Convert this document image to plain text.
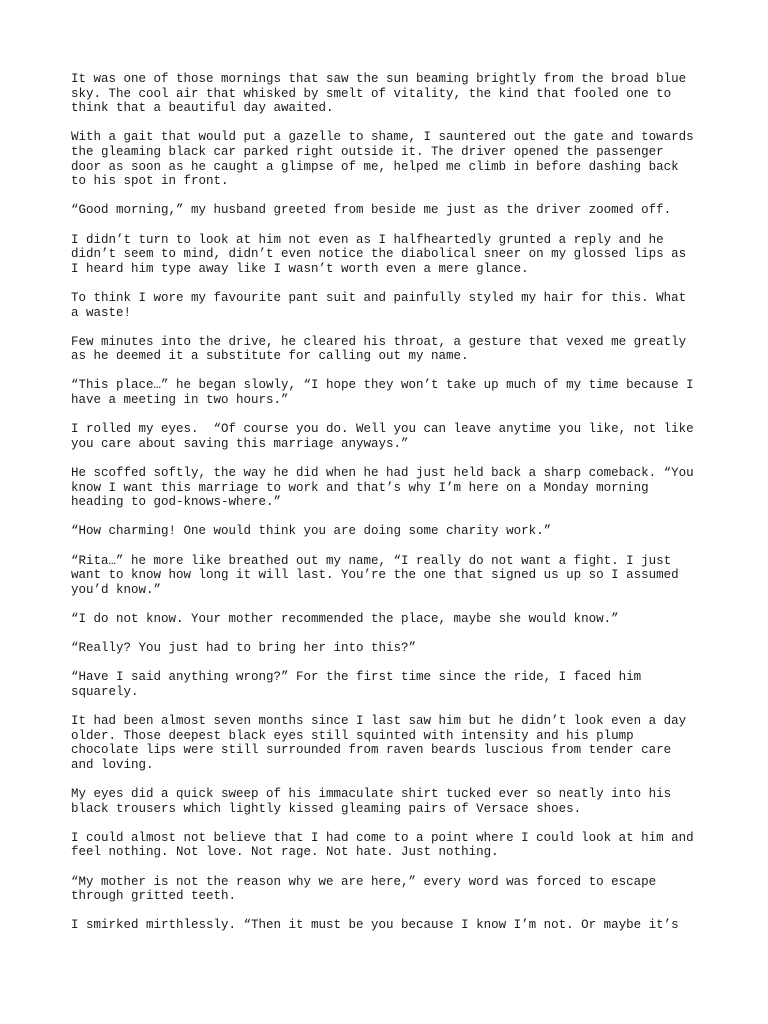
It was one of those mornings that saw the sun beaming brightly from the broad blue
sky. The cool air that whisked by smelt of vitality, the kind that fooled one to
think that a beautiful day awaited.

With a gait that would put a gazelle to shame, I sauntered out the gate and towards
the gleaming black car parked right outside it. The driver opened the passenger
door as soon as he caught a glimpse of me, helped me climb in before dashing back
to his spot in front.

“Good morning,” my husband greeted from beside me just as the driver zoomed off.

I didn’t turn to look at him not even as I halfheartedly grunted a reply and he
didn’t seem to mind, didn’t even notice the diabolical sneer on my glossed lips as
I heard him type away like I wasn’t worth even a mere glance.

To think I wore my favourite pant suit and painfully styled my hair for this. What
a waste!

Few minutes into the drive, he cleared his throat, a gesture that vexed me greatly
as he deemed it a substitute for calling out my name.

“This place…” he began slowly, “I hope they won’t take up much of my time because I
have a meeting in two hours.”

I rolled my eyes.  “Of course you do. Well you can leave anytime you like, not like
you care about saving this marriage anyways.”

He scoffed softly, the way he did when he had just held back a sharp comeback. “You
know I want this marriage to work and that’s why I’m here on a Monday morning
heading to god-knows-where.”

“How charming! One would think you are doing some charity work.”

“Rita…” he more like breathed out my name, “I really do not want a fight. I just
want to know how long it will last. You’re the one that signed us up so I assumed
you’d know.”

“I do not know. Your mother recommended the place, maybe she would know.”

“Really? You just had to bring her into this?”

“Have I said anything wrong?” For the first time since the ride, I faced him
squarely.

It had been almost seven months since I last saw him but he didn’t look even a day
older. Those deepest black eyes still squinted with intensity and his plump
chocolate lips were still surrounded from raven beards luscious from tender care
and loving.

My eyes did a quick sweep of his immaculate shirt tucked ever so neatly into his
black trousers which lightly kissed gleaming pairs of Versace shoes.

I could almost not believe that I had come to a point where I could look at him and
feel nothing. Not love. Not rage. Not hate. Just nothing.

“My mother is not the reason why we are here,” every word was forced to escape
through gritted teeth.

I smirked mirthlessly. “Then it must be you because I know I’m not. Or maybe it’s
